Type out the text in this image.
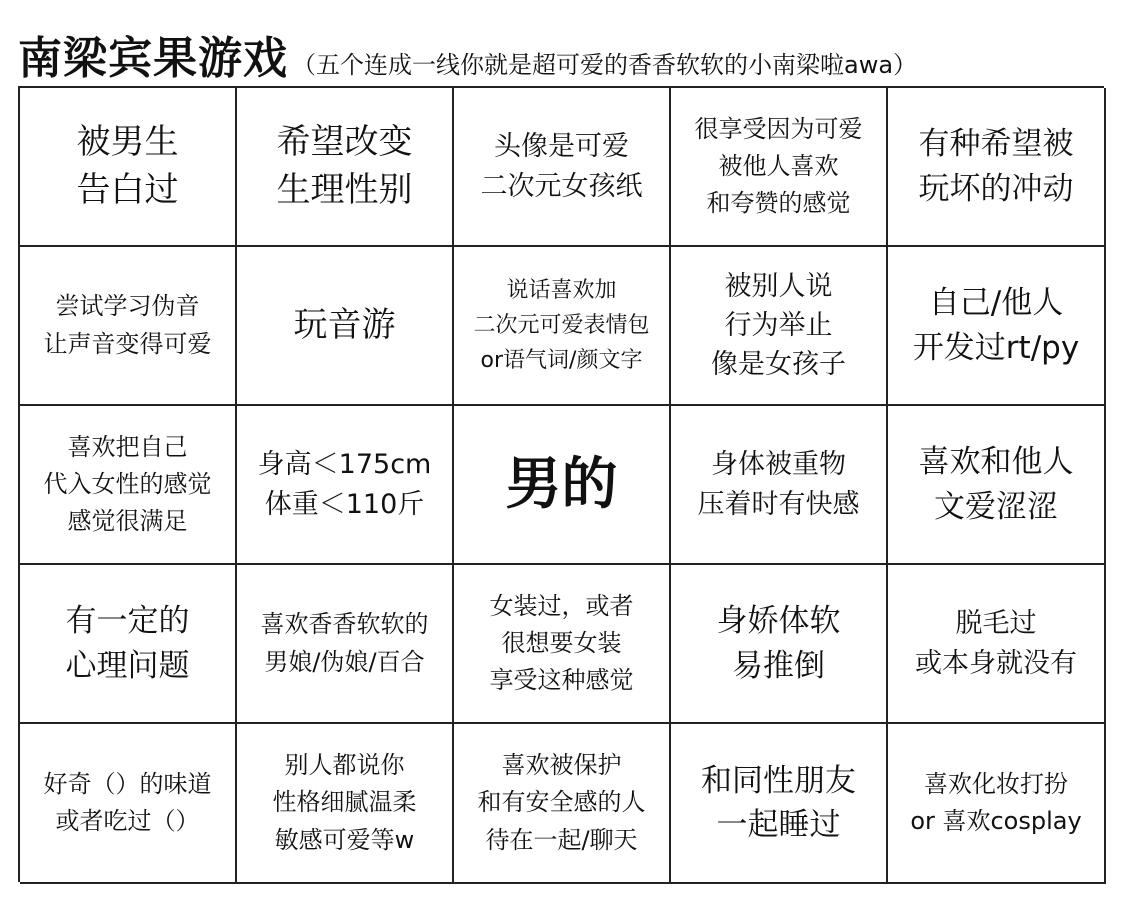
南梁宾果游戏 （五个连成一线你就是超可爱的香香软软的小南梁啦awa）
被男生
告白过
希望改变
生理性别
头像是可爱
二次元女孩纸
很享受因为可爱
被他人喜欢
和夸赞的感觉
有种希望被
玩坏的冲动
尝试学习伪音
让声音变得可爱 玩音游
说话喜欢加
二次元可爱表情包
or语气词/颜文字
被别人说
行为举止
像是女孩子
自己/他人
开发过rt/py
喜欢把自己
代入女性的感觉
感觉很满足
身高＜175cm
体重＜110斤 男的	身体被重物
压着时有快感
喜欢和他人
文爱涩涩
有一定的
心理问题
喜欢香香软软的
男娘/伪娘/百合
女装过，或者
很想要女装
享受这种感觉
身娇体软
易推倒
脱毛过
或本身就没有
好奇（）的味道
或者吃过（）
别人都说你
性格细腻温柔
敏感可爱等w
喜欢被保护
和有安全感的人
待在一起/聊天
和同性朋友
一起睡过
喜欢化妆打扮
or 喜欢cosplay
